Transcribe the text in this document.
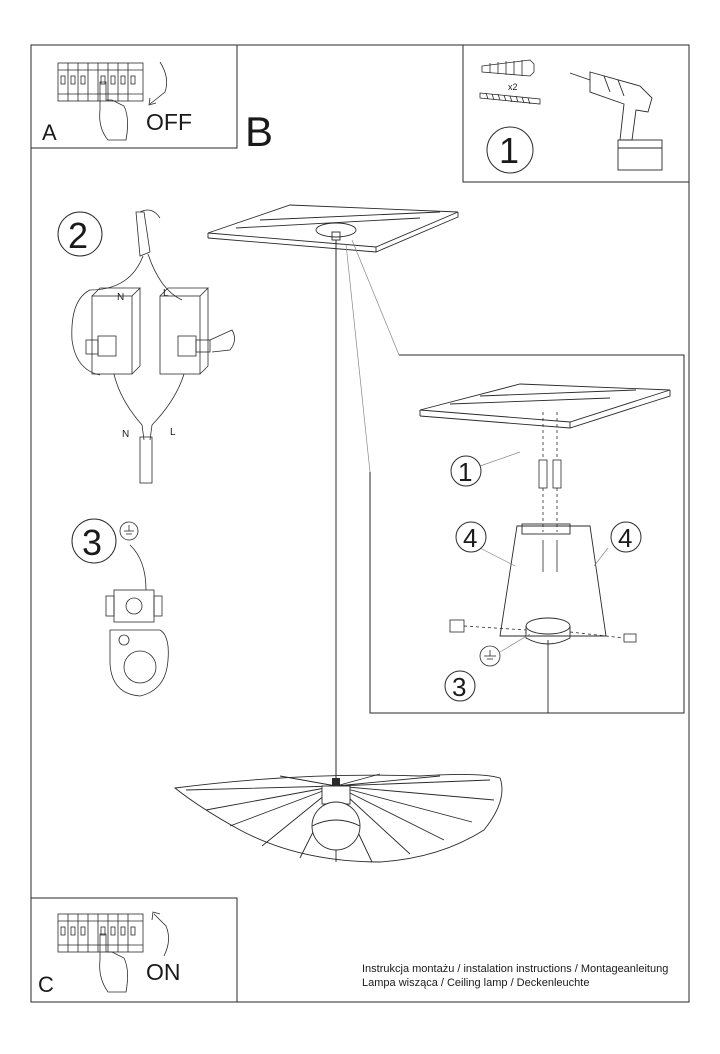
OFF
A	B
x2
1
2
N	L
N	L
3
1
4	4
3
C	ON	Instrukcja montażu / instalation instructions / Montageanleitung
Lampa wisząca / Ceiling lamp / Deckenleuchte
